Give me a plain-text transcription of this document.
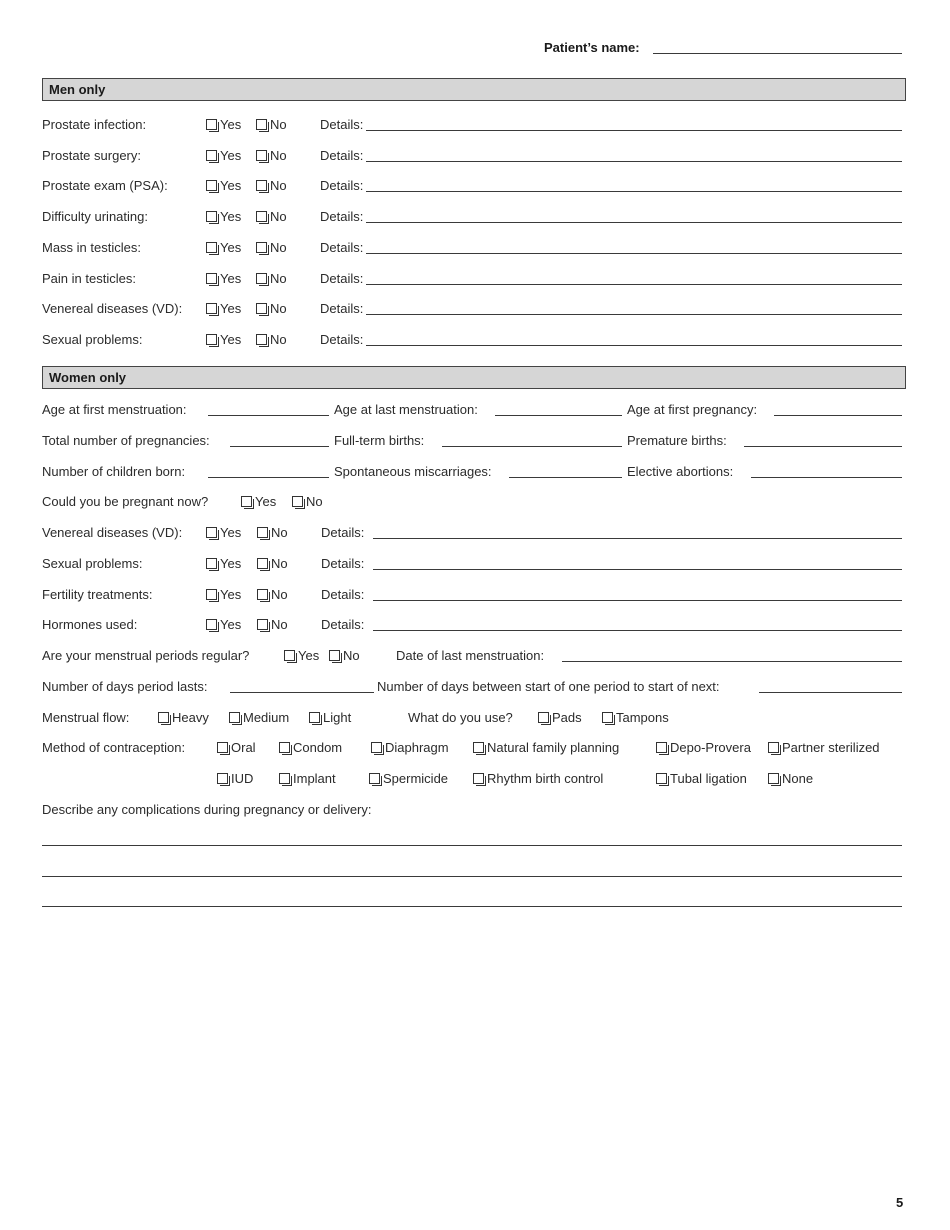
Patient’s name:
Men only
Prostate infection:	Yes	No	Details:
Prostate surgery:	Yes	No	Details:
Prostate exam (PSA):	Yes	No	Details:
Difficulty urinating:	Yes	No	Details:
Mass in testicles:	Yes	No	Details:
Pain in testicles:	Yes	No	Details:
Venereal diseases (VD):	Yes	No	Details:
Sexual problems:	Yes	No	Details:
Women only
Age at first menstruation:	Age at last menstruation:	Age at first pregnancy:
Total number of pregnancies:	Full-term births:	Premature births:
Number of children born:	Spontaneous miscarriages:	Elective abortions:
Could you be pregnant now?	Yes	No
Venereal diseases (VD):	Yes	No	Details:
Sexual problems:	Yes	No	Details:
Fertility treatments:	Yes	No	Details:
Hormones used:	Yes	No	Details:
Are your menstrual periods regular?	Yes	No	Date of last menstruation:
Number of days period lasts:	Number of days between start of one period to start of next:
Menstrual flow:	Heavy	Medium	Light	What do you use?	Pads	Tampons
Method of contraception:	Oral	Condom	Diaphragm	Natural family planning	Depo-Provera	Partner sterilized
IUD	Implant	Spermicide	Rhythm birth control	Tubal ligation	None
Describe any complications during pregnancy or delivery:
5
